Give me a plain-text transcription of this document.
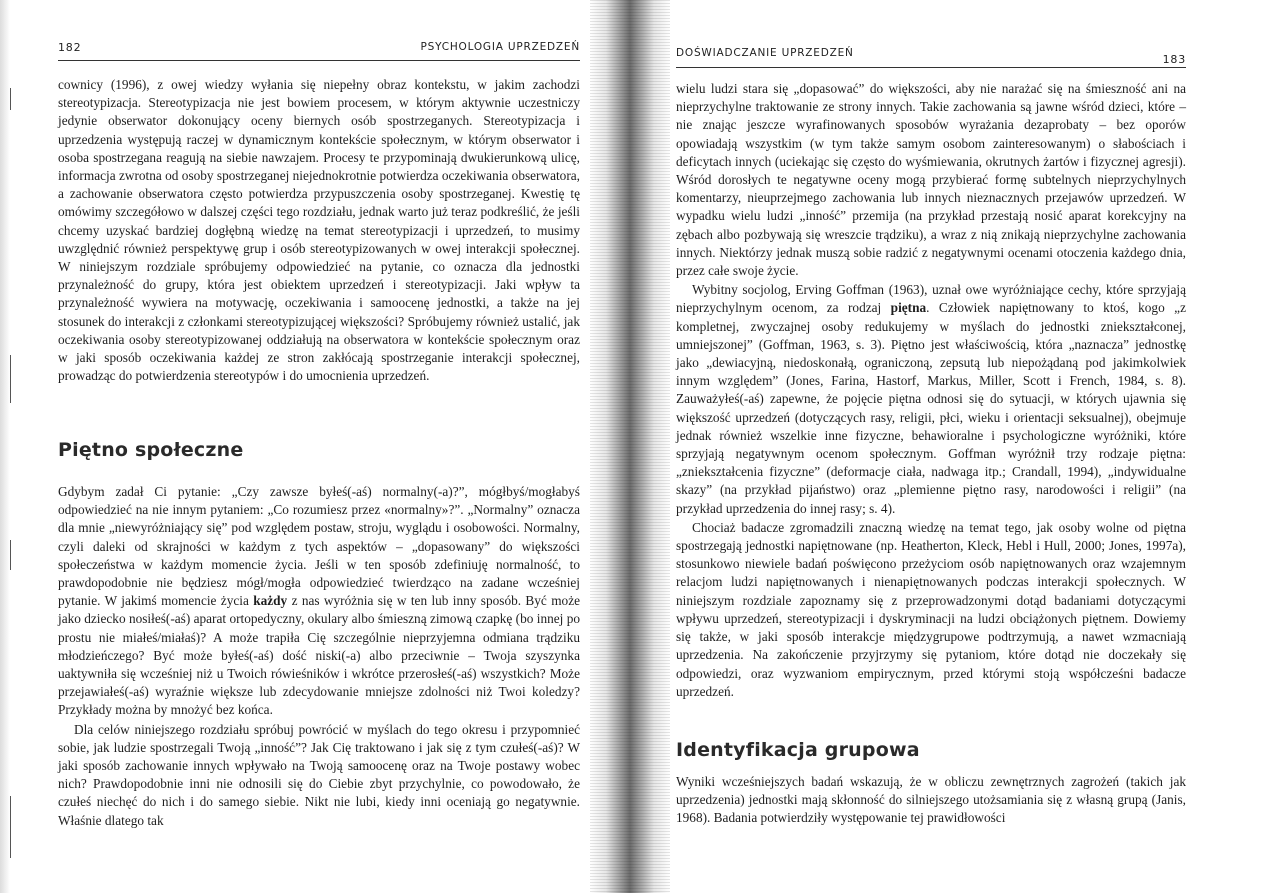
182	PSYCHOLOGIA UPRZEDZEŃ

cownicy (1996), z owej wiedzy wyłania się niepełny obraz kontekstu, w jakim zachodzi stereotypizacja. Stereotypizacja nie jest bowiem procesem, w którym aktywnie uczestniczy jedynie obserwator dokonujący oceny biernych osób spostrzeganych. Stereotypizacja i uprzedzenia występują raczej w dynamicznym kontekście społecznym, w którym obserwator i osoba spostrzegana reagują na siebie nawzajem. Procesy te przypominają dwukierunkową ulicę, informacja zwrotna od osoby spostrzeganej niejednokrotnie potwierdza oczekiwania obserwatora, a zachowanie obserwatora często potwierdza przypuszczenia osoby spostrzeganej. Kwestię tę omówimy szczegółowo w dalszej części tego rozdziału, jednak warto już teraz podkreślić, że jeśli chcemy uzyskać bardziej dogłębną wiedzę na temat stereotypizacji i uprzedzeń, to musimy uwzględnić również perspektywę grup i osób stereotypizowanych w owej interakcji społecznej. W niniejszym rozdziale spróbujemy odpowiedzieć na pytanie, co oznacza dla jednostki przynależność do grupy, która jest obiektem uprzedzeń i stereotypizacji. Jaki wpływ ta przynależność wywiera na motywację, oczekiwania i samoocenę jednostki, a także na jej stosunek do interakcji z członkami stereotypizującej większości? Spróbujemy również ustalić, jak oczekiwania osoby stereotypizowanej oddziałują na obserwatora w kontekście społecznym oraz w jaki sposób oczekiwania każdej ze stron zakłócają spostrzeganie interakcji społecznej, prowadząc do potwierdzenia stereotypów i do umocnienia uprzedzeń.

Piętno społeczne

Gdybym zadał Ci pytanie: „Czy zawsze byłeś(-aś) normalny(-a)?”, mógłbyś/mogłabyś odpowiedzieć na nie innym pytaniem: „Co rozumiesz przez «normalny»?”. „Normalny” oznacza dla mnie „niewyróżniający się” pod względem postaw, stroju, wyglądu i osobowości. Normalny, czyli daleki od skrajności w każdym z tych aspektów – „dopasowany” do większości społeczeństwa w każdym momencie życia. Jeśli w ten sposób zdefiniuję normalność, to prawdopodobnie nie będziesz mógł/mogła odpowiedzieć twierdząco na zadane wcześniej pytanie. W jakimś momencie życia każdy z nas wyróżnia się w ten lub inny sposób. Być może jako dziecko nosiłeś(-aś) aparat ortopedyczny, okulary albo śmieszną zimową czapkę (bo innej po prostu nie miałeś/miałaś)? A może trapiła Cię szczególnie nieprzyjemna odmiana trądziku młodzieńczego? Być może byłeś(-aś) dość niski(-a) albo przeciwnie – Twoja szyszynka uaktywniła się wcześniej niż u Twoich rówieśników i wkrótce przerosłeś(-aś) wszystkich? Może przejawiałeś(-aś) wyraźnie większe lub zdecydowanie mniejsze zdolności niż Twoi koledzy? Przykłady można by mnożyć bez końca.

Dla celów niniejszego rozdziału spróbuj powrócić w myślach do tego okresu i przypomnieć sobie, jak ludzie spostrzegali Twoją „inność”? Jak Cię traktowano i jak się z tym czułeś(-aś)? W jaki sposób zachowanie innych wpływało na Twoją samoocenę oraz na Twoje postawy wobec nich? Prawdopodobnie inni nie odnosili się do Ciebie zbyt przychylnie, co powodowało, że czułeś niechęć do nich i do samego siebie. Nikt nie lubi, kiedy inni oceniają go negatywnie. Właśnie dlatego tak

DOŚWIADCZANIE UPRZEDZEŃ	183

wielu ludzi stara się „dopasować” do większości, aby nie narażać się na śmieszność ani na nieprzychylne traktowanie ze strony innych. Takie zachowania są jawne wśród dzieci, które – nie znając jeszcze wyrafinowanych sposobów wyrażania dezaprobaty – bez oporów opowiadają wszystkim (w tym także samym osobom zainteresowanym) o słabościach i deficytach innych (uciekając się często do wyśmiewania, okrutnych żartów i fizycznej agresji). Wśród dorosłych te negatywne oceny mogą przybierać formę subtelnych nieprzychylnych komentarzy, nieuprzejmego zachowania lub innych nieznacznych przejawów uprzedzeń. W wypadku wielu ludzi „inność” przemija (na przykład przestają nosić aparat korekcyjny na zębach albo pozbywają się wreszcie trądziku), a wraz z nią znikają nieprzychylne zachowania innych. Niektórzy jednak muszą sobie radzić z negatywnymi ocenami otoczenia każdego dnia, przez całe swoje życie.

Wybitny socjolog, Erving Goffman (1963), uznał owe wyróżniające cechy, które sprzyjają nieprzychylnym ocenom, za rodzaj piętna. Człowiek napiętnowany to ktoś, kogo „z kompletnej, zwyczajnej osoby redukujemy w myślach do jednostki zniekształconej, umniejszonej” (Goffman, 1963, s. 3). Piętno jest właściwością, która „naznacza” jednostkę jako „dewiacyjną, niedoskonałą, ograniczoną, zepsutą lub niepożądaną pod jakimkolwiek innym względem” (Jones, Farina, Hastorf, Markus, Miller, Scott i French, 1984, s. 8). Zauważyłeś(-aś) zapewne, że pojęcie piętna odnosi się do sytuacji, w których ujawnia się większość uprzedzeń (dotyczących rasy, religii, płci, wieku i orientacji seksualnej), obejmuje jednak również wszelkie inne fizyczne, behawioralne i psychologiczne wyróżniki, które sprzyjają negatywnym ocenom społecznym. Goffman wyróżnił trzy rodzaje piętna: „zniekształcenia fizyczne” (deformacje ciała, nadwaga itp.; Crandall, 1994), „indywidualne skazy” (na przykład pijaństwo) oraz „plemienne piętno rasy, narodowości i religii” (na przykład uprzedzenia do innej rasy; s. 4).

Chociaż badacze zgromadzili znaczną wiedzę na temat tego, jak osoby wolne od piętna spostrzegają jednostki napiętnowane (np. Heatherton, Kleck, Hebl i Hull, 2000; Jones, 1997a), stosunkowo niewiele badań poświęcono przeżyciom osób napiętnowanych oraz wzajemnym relacjom ludzi napiętnowanych i nienapiętnowanych podczas interakcji społecznych. W niniejszym rozdziale zapoznamy się z przeprowadzonymi dotąd badaniami dotyczącymi wpływu uprzedzeń, stereotypizacji i dyskryminacji na ludzi obciążonych piętnem. Dowiemy się także, w jaki sposób interakcje międzygrupowe podtrzymują, a nawet wzmacniają uprzedzenia. Na zakończenie przyjrzymy się pytaniom, które dotąd nie doczekały się odpowiedzi, oraz wyzwaniom empirycznym, przed którymi stoją współcześni badacze uprzedzeń.

Identyfikacja grupowa

Wyniki wcześniejszych badań wskazują, że w obliczu zewnętrznych zagrożeń (takich jak uprzedzenia) jednostki mają skłonność do silniejszego utożsamiania się z własną grupą (Janis, 1968). Badania potwierdziły występowanie tej prawidłowości
